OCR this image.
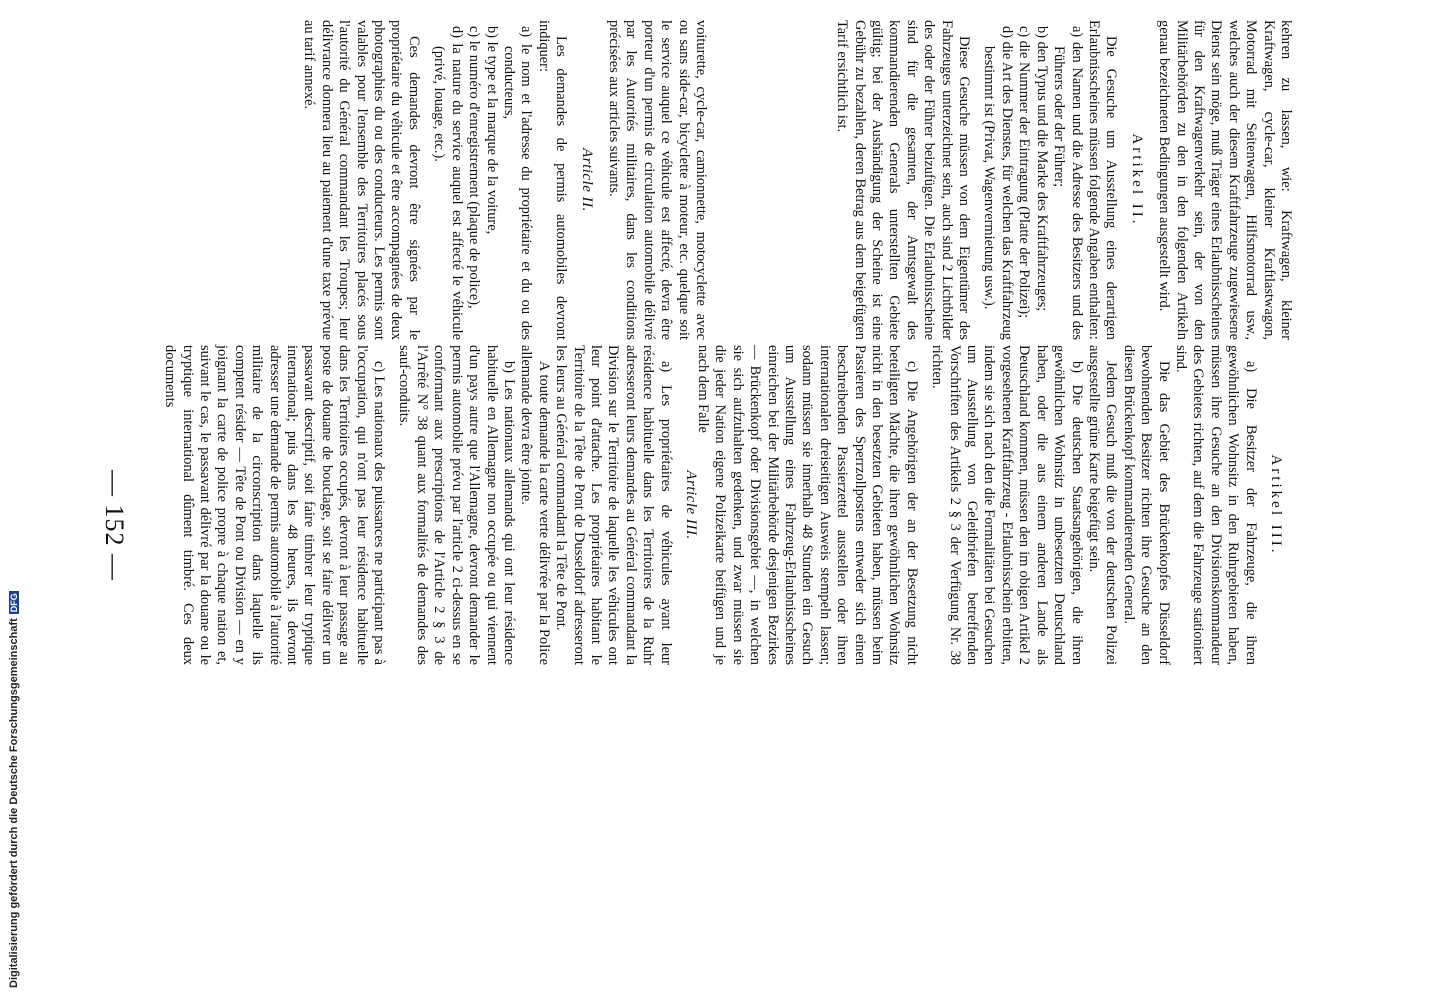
— 152 —

voiturette, cycle-car, camionnette, motocyclette avec ou sans side-car, bicyclette à moteur, etc. quelque soit le service auquel ce véhicule est affecté, devra être porteur d'un permis de circulation automobile délivré par les Autorités militaires, dans les conditions précisées aux articles suivants.

Article II.

Les demandes de permis automobiles devront indiquer:

a) le nom et l'adresse du propriétaire et du ou des conducteurs,

b) le type et la marque de la voiture,

c) le numéro d'enregistrement (plaque de police),

d) la nature du service auquel est affecté le véhicule (privé, louage, etc.).

Ces demandes devront être signées par le propriétaire du véhicule et être accompagnées de deux photographies du ou des conducteurs. Les permis sont valables pour l'ensemble des Territoires placés sous l'autorité du Général commandant les Troupes; leur délivrance donnera lieu au paiement d'une taxe prévue au tarif annexé.	kehren zu lassen, wie: Kraftwagen, kleiner Kraftwagen, cycle-car, kleiner Kraftlastwagon, Motorrad mit Seitenwagen, Hilfsmotorrad usw., welches auch der diesem Kraftfahrzeuge zugewiesene Dienst sein möge, muß Träger eines Erlaubnisscheines für den Kraftwagenverkehr sein, der von den Militärbehörden zu den in den folgenden Artikeln genau bezeichneten Bedingungen ausgestellt wird.

Artikel II.

Die Gesuche um Ausstellung eines derartigen Erlaubnisscheines müssen folgende Angaben enthalten:

a) den Namen und die Adresse des Besitzers und des Führers oder der Führer;

b) den Typus und die Marke des Kraftfahrzeuges;

c) die Nummer der Eintragung (Platte der Polizei);

d) die Art des Dienstes, für welchen das Kraftfahrzeug bestimmt ist (Privat, Wagenvermietung usw.).

Diese Gesuche müssen von dem Eigentümer des Fahrzeuges unterzeichnet sein, auch sind 2 Lichtbilder des oder der Führer beizufügen. Die Erlaubnisscheine sind für die gesamten, der Amtsgewalt des kommandierenden Generals unterstellten Gebiete gültig; bei der Aushändigung der Scheine ist eine Gebühr zu bezahlen, deren Betrag aus dem beigefügten Tarif ersichtlich ist.

Article III.

a) Les propriétaires de véhicules ayant leur résidence habituelle dans les Territoires de la Ruhr adresseront leurs demandes au Général commandant la Division sur le Territoire de laquelle les véhicules ont leur point d'attache. Les propriétaires habitant le Territoire de la Tête de Pont de Dusseldorf adresseront les leurs au Général commandant la Tête de Pont.

A toute demande la carte verte délivrée par la Police allemande devra être jointe.

b) Les nationaux allemands qui ont leur résidence habituelle en Allemagne non occupée ou qui viennent d'un pays autre que l'Allemagne, devront demander le permis automobile prévu par l'article 2 ci-dessus en se conformant aux prescriptions de l'Article 2 § 3 de l'Arrêté N° 38 quant aux formalités de demandes des sauf-conduits.

c) Les nationaux des puissances ne participant pas à l'occupation, qui n'ont pas leur résidence habituelle dans les Territoires occupés, devront à leur passage au poste de douane de bouclage, soit se faire délivrer un passavant descriptif, soit faire timbrer leur tryptique international; puis dans les 48 heures, ils devront adresser une demande de permis automobile à l'autorité militaire de la circonscription dans laquelle ils comptent résider — Tête de Pont ou Division — en y joignant la carte de police propre à chaque nation et, suivant le cas, le passavant délivré par la douane ou le tryptique international dûment timbré. Ces deux documents

Artikel III.

a) Die Besitzer der Fahrzeuge, die ihren gewöhnlichen Wohnsitz in den Ruhrgebieten haben, müssen ihre Gesuche an den Divisionskommandeur des Gebietes richten, auf dem die Fahrzeuge stationiert sind.

Die das Gebiet des Brückenkopfes Düsseldorf bewohnenden Besitzer richten ihre Gesuche an den diesen Brückenkopf kommandierenden General.

Jedem Gesuch muß die von der deutschen Polizei ausgestellte grüne Karte beigefügt sein.

b) Die deutschen Staatsangehörigen, die ihren gewöhnlichen Wohnsitz in unbesetzten Deutschland haben, oder die aus einem anderen Lande als Deutschland kommen, müssen den im obigen Artikel 2 vorgesehenen Kraftfahrzeug - Erlaubnisschein erbitten, indem sie sich nach den die Formalitäten bei Gesuchen um Ausstellung von Geleitbriefen betreffenden Vorschriften des Artikels 2 § 3 der Verfügung Nr. 38 richten.

c) Die Angehörigen der an der Besetzung nicht beteiligten Mächte, die ihren gewöhnlichen Wohnsitz nicht in den besetzten Gebieten haben, müssen beim Passieren des Sperrzollpostens entweder sich einen beschreibenden Passierzettel ausstellen oder ihren internationalen dreiseitigen Ausweis stempeln lassen; sodann müssen sie innerhalb 48 Stunden ein Gesuch um Ausstellung eines Fahrzeug-Erlaubnisscheines einreichen bei der Militärbehörde desjenigen Bezirkes — Brückenkopf oder Divisionsgebiet —, in welchen sie sich aufzuhalten gedenken, und zwar müssen sie die jeder Nation eigene Polizeikarte beifügen und je nach dem Falle

Digitalisierung gefördert durch die Deutsche ForschungsgemeinschaftDFG
